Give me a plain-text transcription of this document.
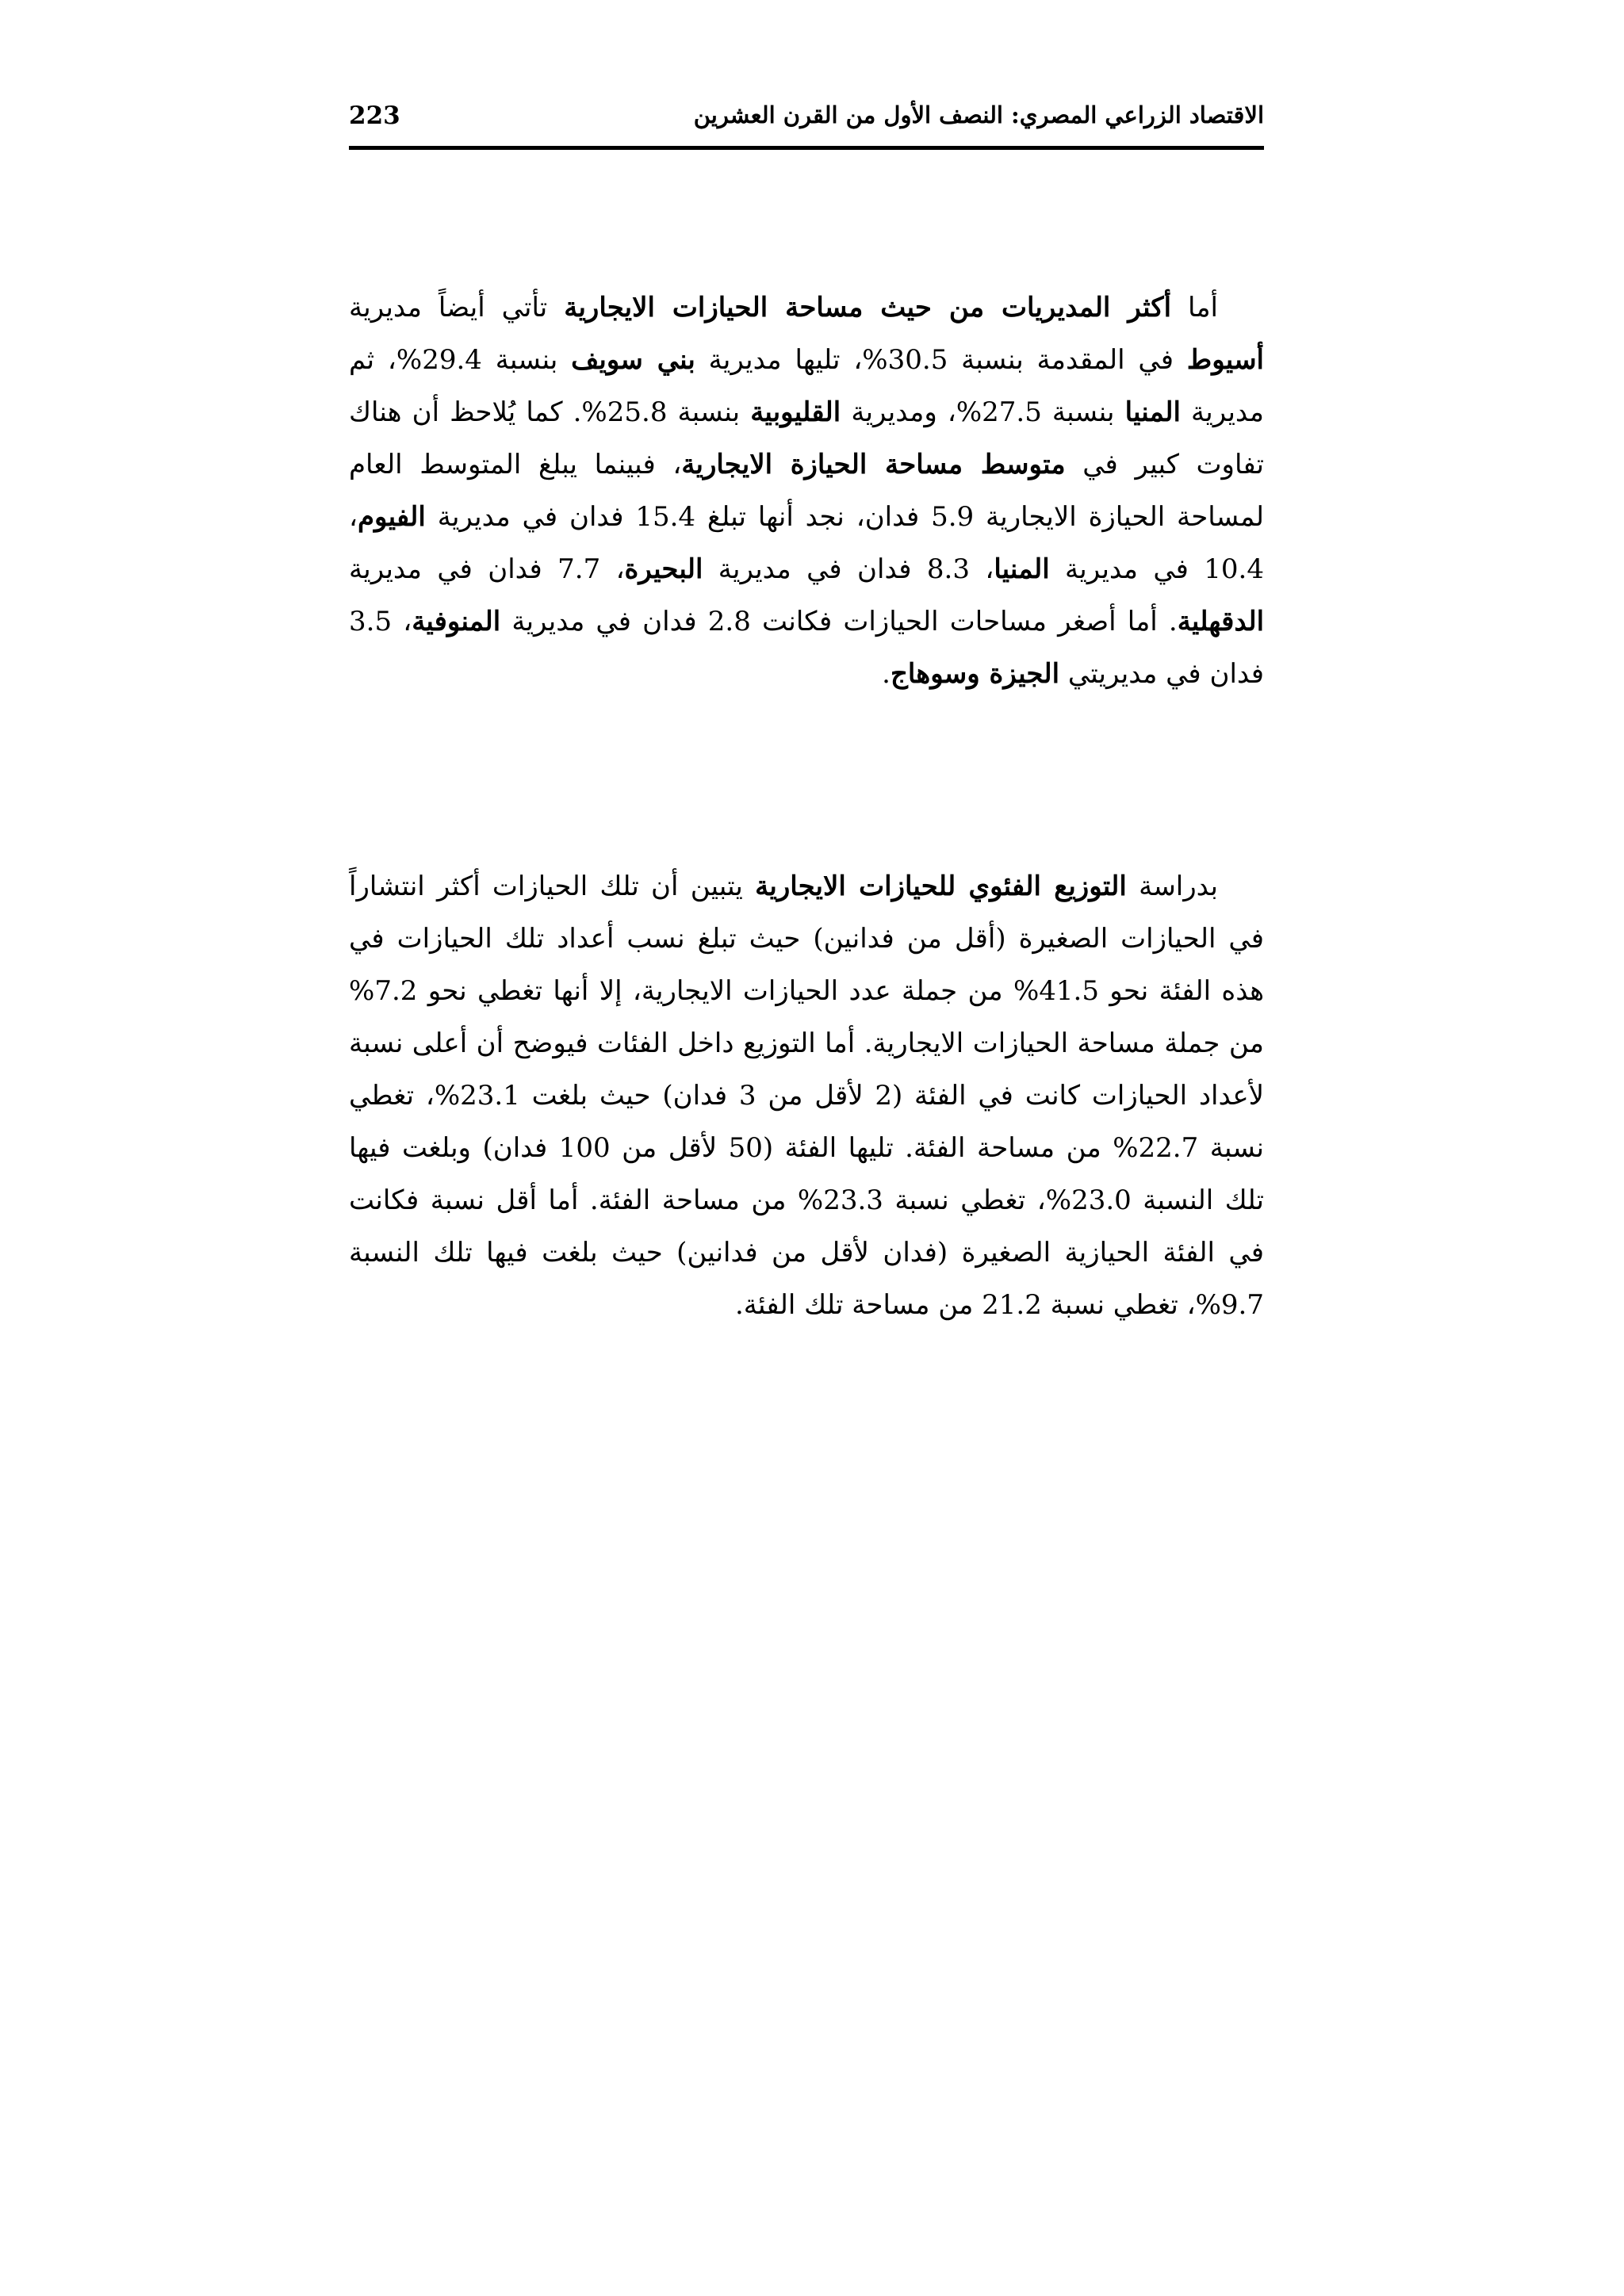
الاقتصاد الزراعي المصري: النصف الأول من القرن العشرين
223

أما أكثر المديريات من حيث مساحة الحيازات الايجارية تأتي أيضاً مديرية أسيوط في المقدمة بنسبة 30.5%، تليها مديرية بني سويف بنسبة 29.4%، ثم مديرية المنيا بنسبة 27.5%، ومديرية القليوبية بنسبة 25.8%. كما يُلاحظ أن هناك تفاوت كبير في متوسط مساحة الحيازة الايجارية، فبينما يبلغ المتوسط العام لمساحة الحيازة الايجارية 5.9 فدان، نجد أنها تبلغ 15.4 فدان في مديرية الفيوم، 10.4 في مديرية المنيا، 8.3 فدان في مديرية البحيرة، 7.7 فدان في مديرية الدقهلية. أما أصغر مساحات الحيازات فكانت 2.8 فدان في مديرية المنوفية، 3.5 فدان في مديريتي الجيزة وسوهاج.

بدراسة التوزيع الفئوي للحيازات الايجارية يتبين أن تلك الحيازات أكثر انتشاراً في الحيازات الصغيرة (أقل من فدانين) حيث تبلغ نسب أعداد تلك الحيازات في هذه الفئة نحو 41.5% من جملة عدد الحيازات الايجارية، إلا أنها تغطي نحو 7.2% من جملة مساحة الحيازات الايجارية. أما التوزيع داخل الفئات فيوضح أن أعلى نسبة لأعداد الحيازات كانت في الفئة (2 لأقل من 3 فدان) حيث بلغت 23.1%، تغطي نسبة 22.7% من مساحة الفئة. تليها الفئة (50 لأقل من 100 فدان) وبلغت فيها تلك النسبة 23.0%، تغطي نسبة 23.3% من مساحة الفئة. أما أقل نسبة فكانت في الفئة الحيازية الصغيرة (فدان لأقل من فدانين) حيث بلغت فيها تلك النسبة 9.7%، تغطي نسبة 21.2 من مساحة تلك الفئة.
